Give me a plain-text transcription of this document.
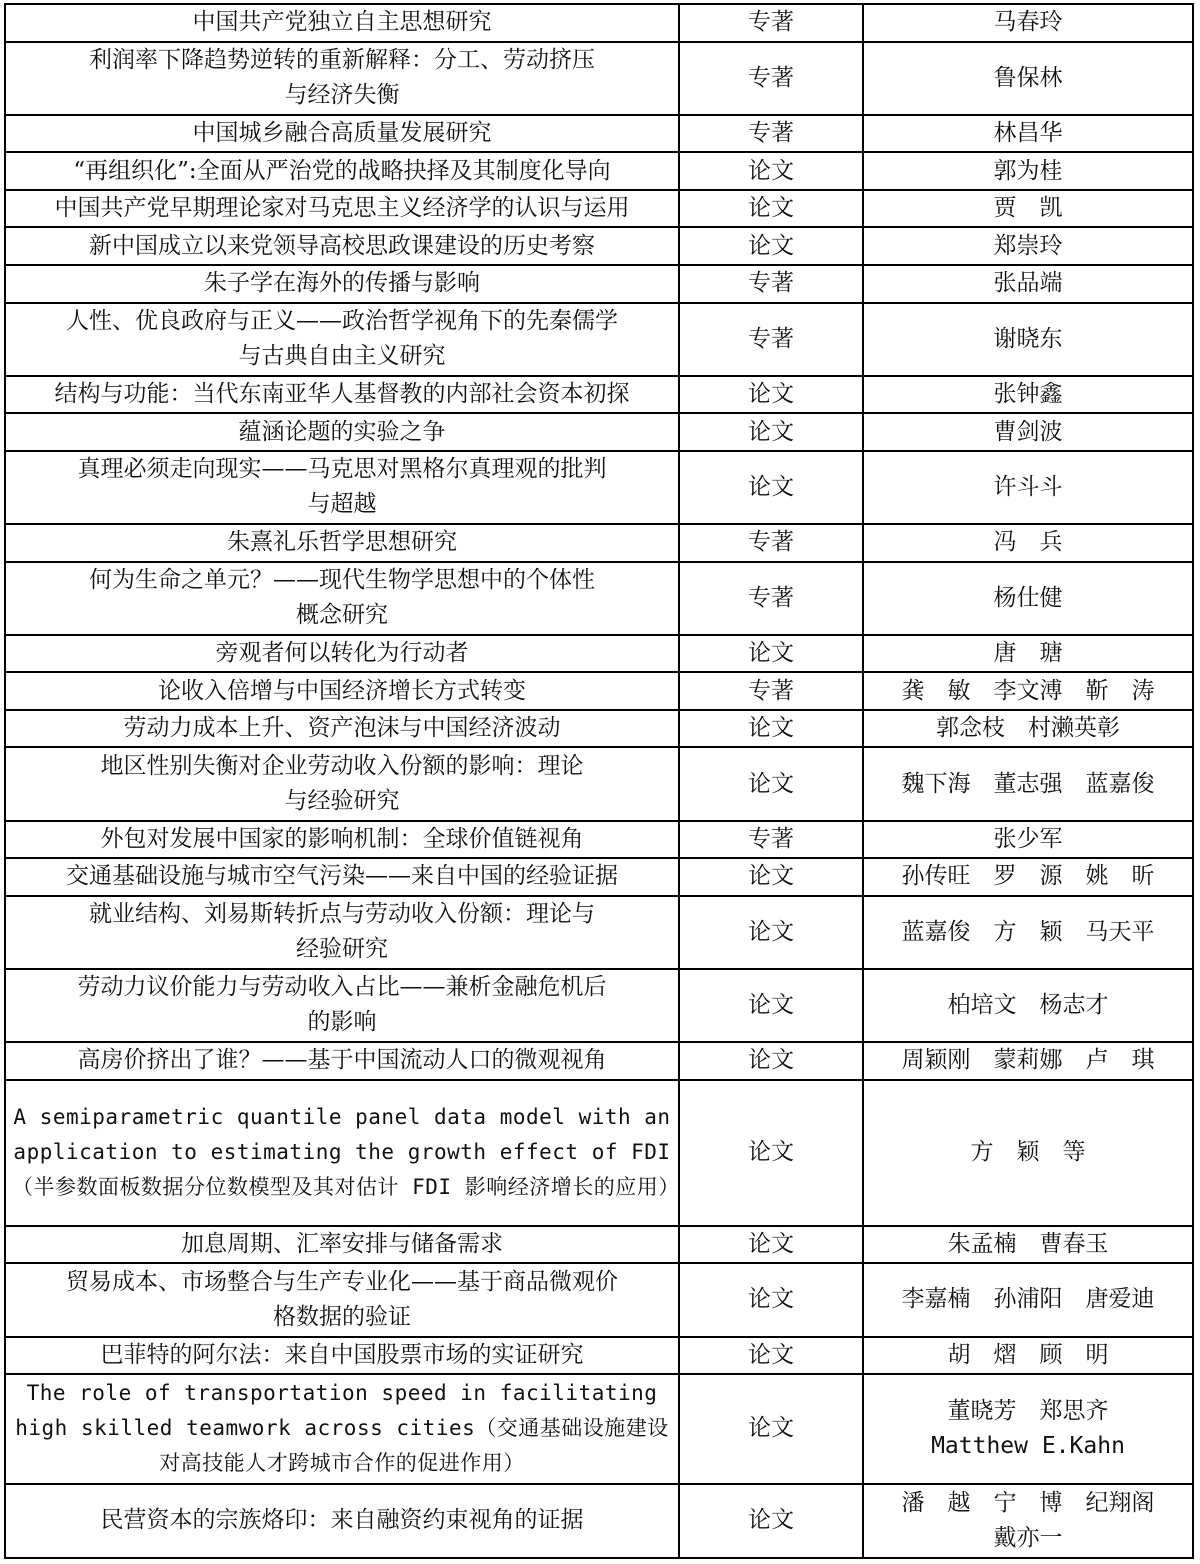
中国共产党独立自主思想研究	专著	马春玲
利润率下降趋势逆转的重新解释：分工、劳动挤压
与经济失衡	专著	鲁保林
中国城乡融合高质量发展研究	专著	林昌华
“再组织化”:全面从严治党的战略抉择及其制度化导向	论文	郭为桂
中国共产党早期理论家对马克思主义经济学的认识与运用	论文	贾　凯
新中国成立以来党领导高校思政课建设的历史考察	论文	郑崇玲
朱子学在海外的传播与影响	专著	张品端
人性、优良政府与正义——政治哲学视角下的先秦儒学
与古典自由主义研究	专著	谢晓东
结构与功能：当代东南亚华人基督教的内部社会资本初探	论文	张钟鑫
蕴涵论题的实验之争	论文	曹剑波
真理必须走向现实——马克思对黑格尔真理观的批判
与超越	论文	许斗斗
朱熹礼乐哲学思想研究	专著	冯　兵
何为生命之单元？——现代生物学思想中的个体性
概念研究	专著	杨仕健
旁观者何以转化为行动者	论文	唐　瑭
论收入倍增与中国经济增长方式转变	专著	龚　敏　李文溥　靳　涛
劳动力成本上升、资产泡沫与中国经济波动	论文	郭念枝　村濑英彰
地区性别失衡对企业劳动收入份额的影响：理论
与经验研究	论文	魏下海　董志强　蓝嘉俊
外包对发展中国家的影响机制：全球价值链视角	专著	张少军
交通基础设施与城市空气污染——来自中国的经验证据	论文	孙传旺　罗　源　姚　昕
就业结构、刘易斯转折点与劳动收入份额：理论与
经验研究	论文	蓝嘉俊　方　颖　马天平
劳动力议价能力与劳动收入占比——兼析金融危机后
的影响	论文	柏培文　杨志才
高房价挤出了谁？——基于中国流动人口的微观视角	论文	周颖刚　蒙莉娜　卢　琪
A semiparametric quantile panel data model with an application to estimating the growth effect of FDI（半参数面板数据分位数模型及其对估计 FDI 影响经济增长的应用）	论文	方　颖　等
加息周期、汇率安排与储备需求	论文	朱孟楠　曹春玉
贸易成本、市场整合与生产专业化——基于商品微观价
格数据的验证	论文	李嘉楠　孙浦阳　唐爱迪
巴菲特的阿尔法：来自中国股票市场的实证研究	论文	胡　熠　顾　明
The role of transportation speed in facilitating high skilled teamwork across cities（交通基础设施建设对高技能人才跨城市合作的促进作用）	论文	董晓芳　郑思齐
Matthew E.Kahn
民营资本的宗族烙印：来自融资约束视角的证据	论文	潘　越　宁　博　纪翔阁
戴亦一
